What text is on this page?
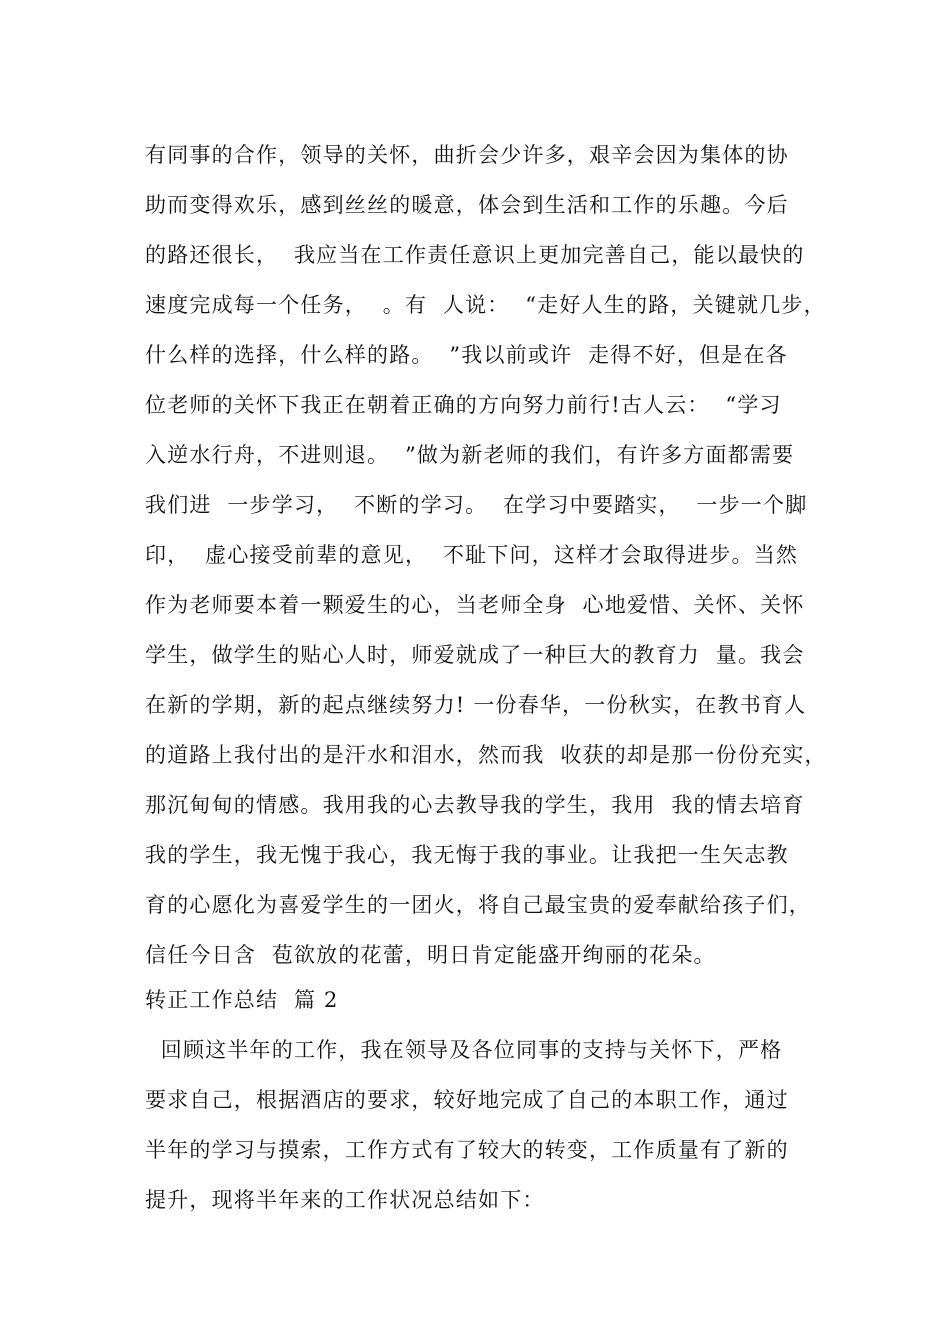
有同事的合作，领导的关怀，曲折会少许多，艰辛会因为集体的协
助而变得欢乐，感到丝丝的暖意，体会到生活和工作的乐趣。今后
的路还很长，  我应当在工作责任意识上更加完善自己，能以最快的
速度完成每一个任务，  。有  人说：  “走好人生的路，关键就几步，
什么样的选择，什么样的路。  ”我以前或许  走得不好，但是在各
位老师的关怀下我正在朝着正确的方向努力前行!古人云：  “学习
入逆水行舟，不进则退。  ”做为新老师的我们，有许多方面都需要
我们进  一步学习，  不断的学习。  在学习中要踏实，  一步一个脚
印，  虚心接受前辈的意见，  不耻下问，这样才会取得进步。当然
作为老师要本着一颗爱生的心，当老师全身  心地爱惜、关怀、关怀
学生，做学生的贴心人时，师爱就成了一种巨大的教育力  量。我会
在新的学期，新的起点继续努力! 一份春华，一份秋实，在教书育人
的道路上我付出的是汗水和泪水，然而我  收获的却是那一份份充实，
那沉甸甸的情感。我用我的心去教导我的学生，我用  我的情去培育
我的学生，我无愧于我心，我无悔于我的事业。让我把一生矢志教
育的心愿化为喜爱学生的一团火，将自己最宝贵的爱奉献给孩子们，
信任今日含  苞欲放的花蕾，明日肯定能盛开绚丽的花朵。
转正工作总结  篇 2
回顾这半年的工作，我在领导及各位同事的支持与关怀下，严格
要求自己，根据酒店的要求，较好地完成了自己的本职工作，通过
半年的学习与摸索，工作方式有了较大的转变，工作质量有了新的
提升，现将半年来的工作状况总结如下：
